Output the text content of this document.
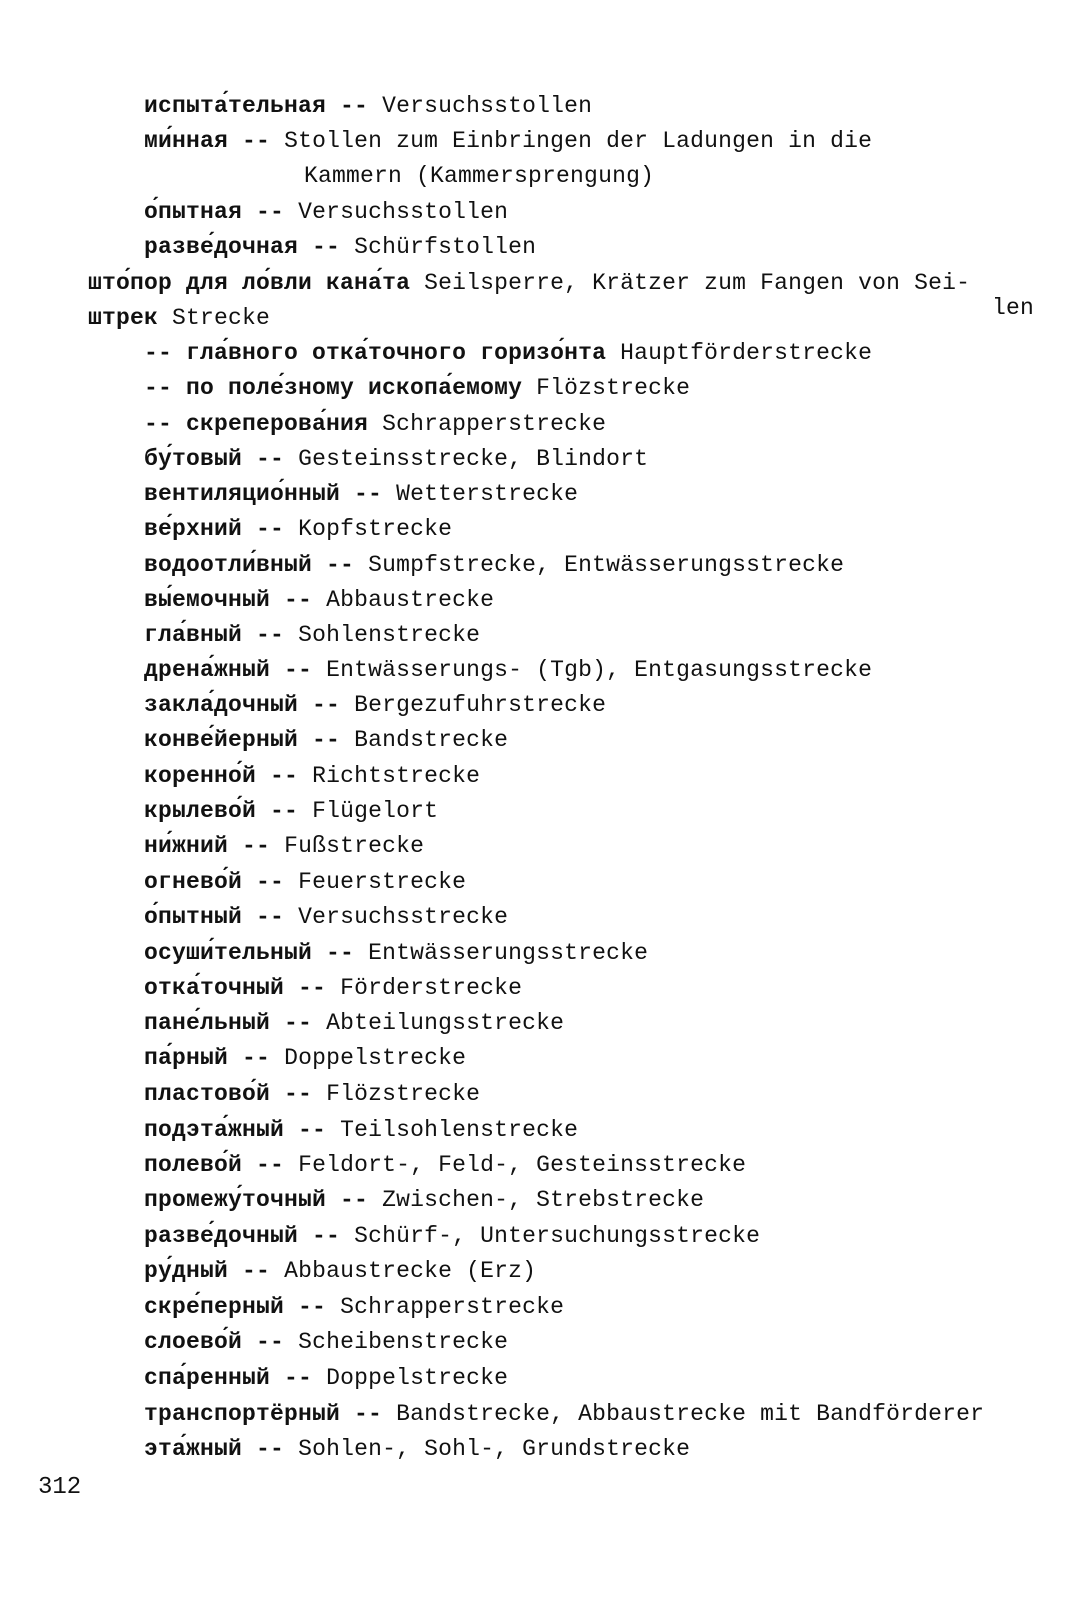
испыта́тельная -- Versuchsstollen

ми́нная -- Stollen zum Einbringen der Ladungen in die

Kammern (Kammersprengung)

о́пытная -- Versuchsstollen

разве́дочная -- Schürfstollen

што́пор для ло́вли кана́та Seilsperre, Krätzer zum Fangen von Sei-

штрек Strecke
	len

-- гла́вного отка́точного горизо́нта Hauptförderstrecke

-- по поле́зному ископа́емому Flözstrecke

-- скреперова́ния Schrapperstrecke

бу́товый -- Gesteinsstrecke, Blindort

вентиляцио́нный -- Wetterstrecke

ве́рхний -- Kopfstrecke

водоотли́вный -- Sumpfstrecke, Entwässerungsstrecke

вы́емочный -- Abbaustrecke

гла́вный -- Sohlenstrecke

дрена́жный -- Entwässerungs- (Tgb), Entgasungsstrecke

закла́дочный -- Bergezufuhrstrecke

конве́йерный -- Bandstrecke

коренно́й -- Richtstrecke

крылево́й -- Flügelort

ни́жний -- Fußstrecke

огнево́й -- Feuerstrecke

о́пытный -- Versuchsstrecke

осуши́тельный -- Entwässerungsstrecke

отка́точный -- Förderstrecke

пане́льный -- Abteilungsstrecke

па́рный -- Doppelstrecke

пластово́й -- Flözstrecke

подэта́жный -- Teilsohlenstrecke

полево́й -- Feldort-, Feld-, Gesteinsstrecke

промежу́точный -- Zwischen-, Strebstrecke

разве́дочный -- Schürf-, Untersuchungsstrecke

ру́дный -- Abbaustrecke (Erz)

скре́перный -- Schrapperstrecke

слоево́й -- Scheibenstrecke

спа́ренный -- Doppelstrecke

транспортёрный -- Bandstrecke, Abbaustrecke mit Bandförderer

эта́жный -- Sohlen-, Sohl-, Grundstrecke

312
